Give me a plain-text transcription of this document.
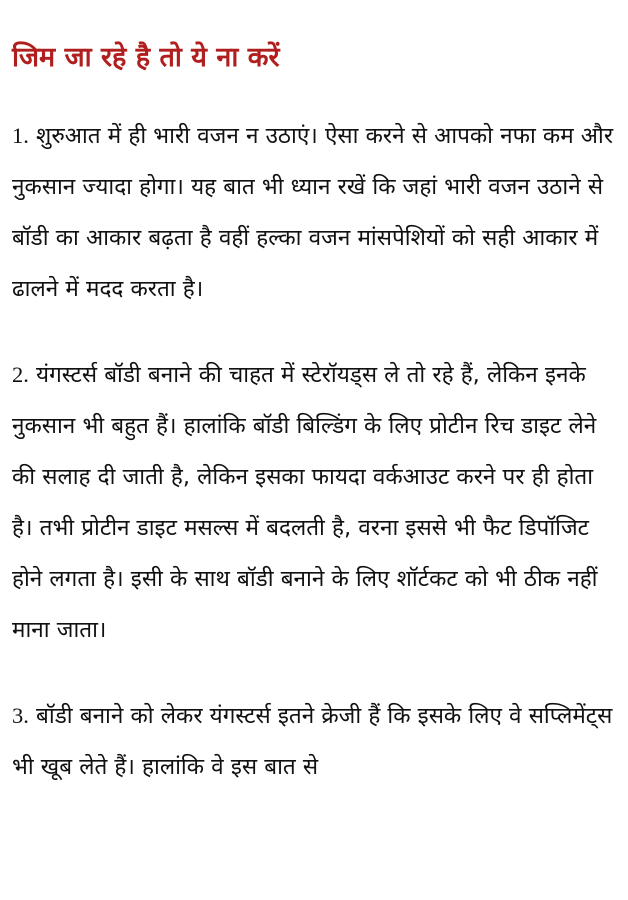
जिम जा रहे है तो ये ना करें

1. शुरुआत में ही भारी वजन न उठाएं। ऐसा करने से आपको नफा कम और नुकसान ज्यादा होगा। यह बात भी ध्यान रखें कि जहां भारी वजन उठाने से बॉडी का आकार बढ़ता है वहीं हल्का वजन मांसपेशियों को सही आकार में ढालने में मदद करता है।

2. यंगस्टर्स बॉडी बनाने की चाहत में स्टेरॉयड्स ले तो रहे हैं, लेकिन इनके नुकसान भी बहुत हैं। हालांकि बॉडी बिल्डिंग के लिए प्रोटीन रिच डाइट लेने की सलाह दी जाती है, लेकिन इसका फायदा वर्कआउट करने पर ही होता है। तभी प्रोटीन डाइट मसल्स में बदलती है, वरना इससे भी फैट डिपॉजिट होने लगता है। इसी के साथ बॉडी बनाने के लिए शॉर्टकट को भी ठीक नहीं माना जाता।

3. बॉडी बनाने को लेकर यंगस्टर्स इतने क्रेजी हैं कि इसके लिए वे सप्लिमेंट्स भी खूब लेते हैं। हालांकि वे इस बात से
